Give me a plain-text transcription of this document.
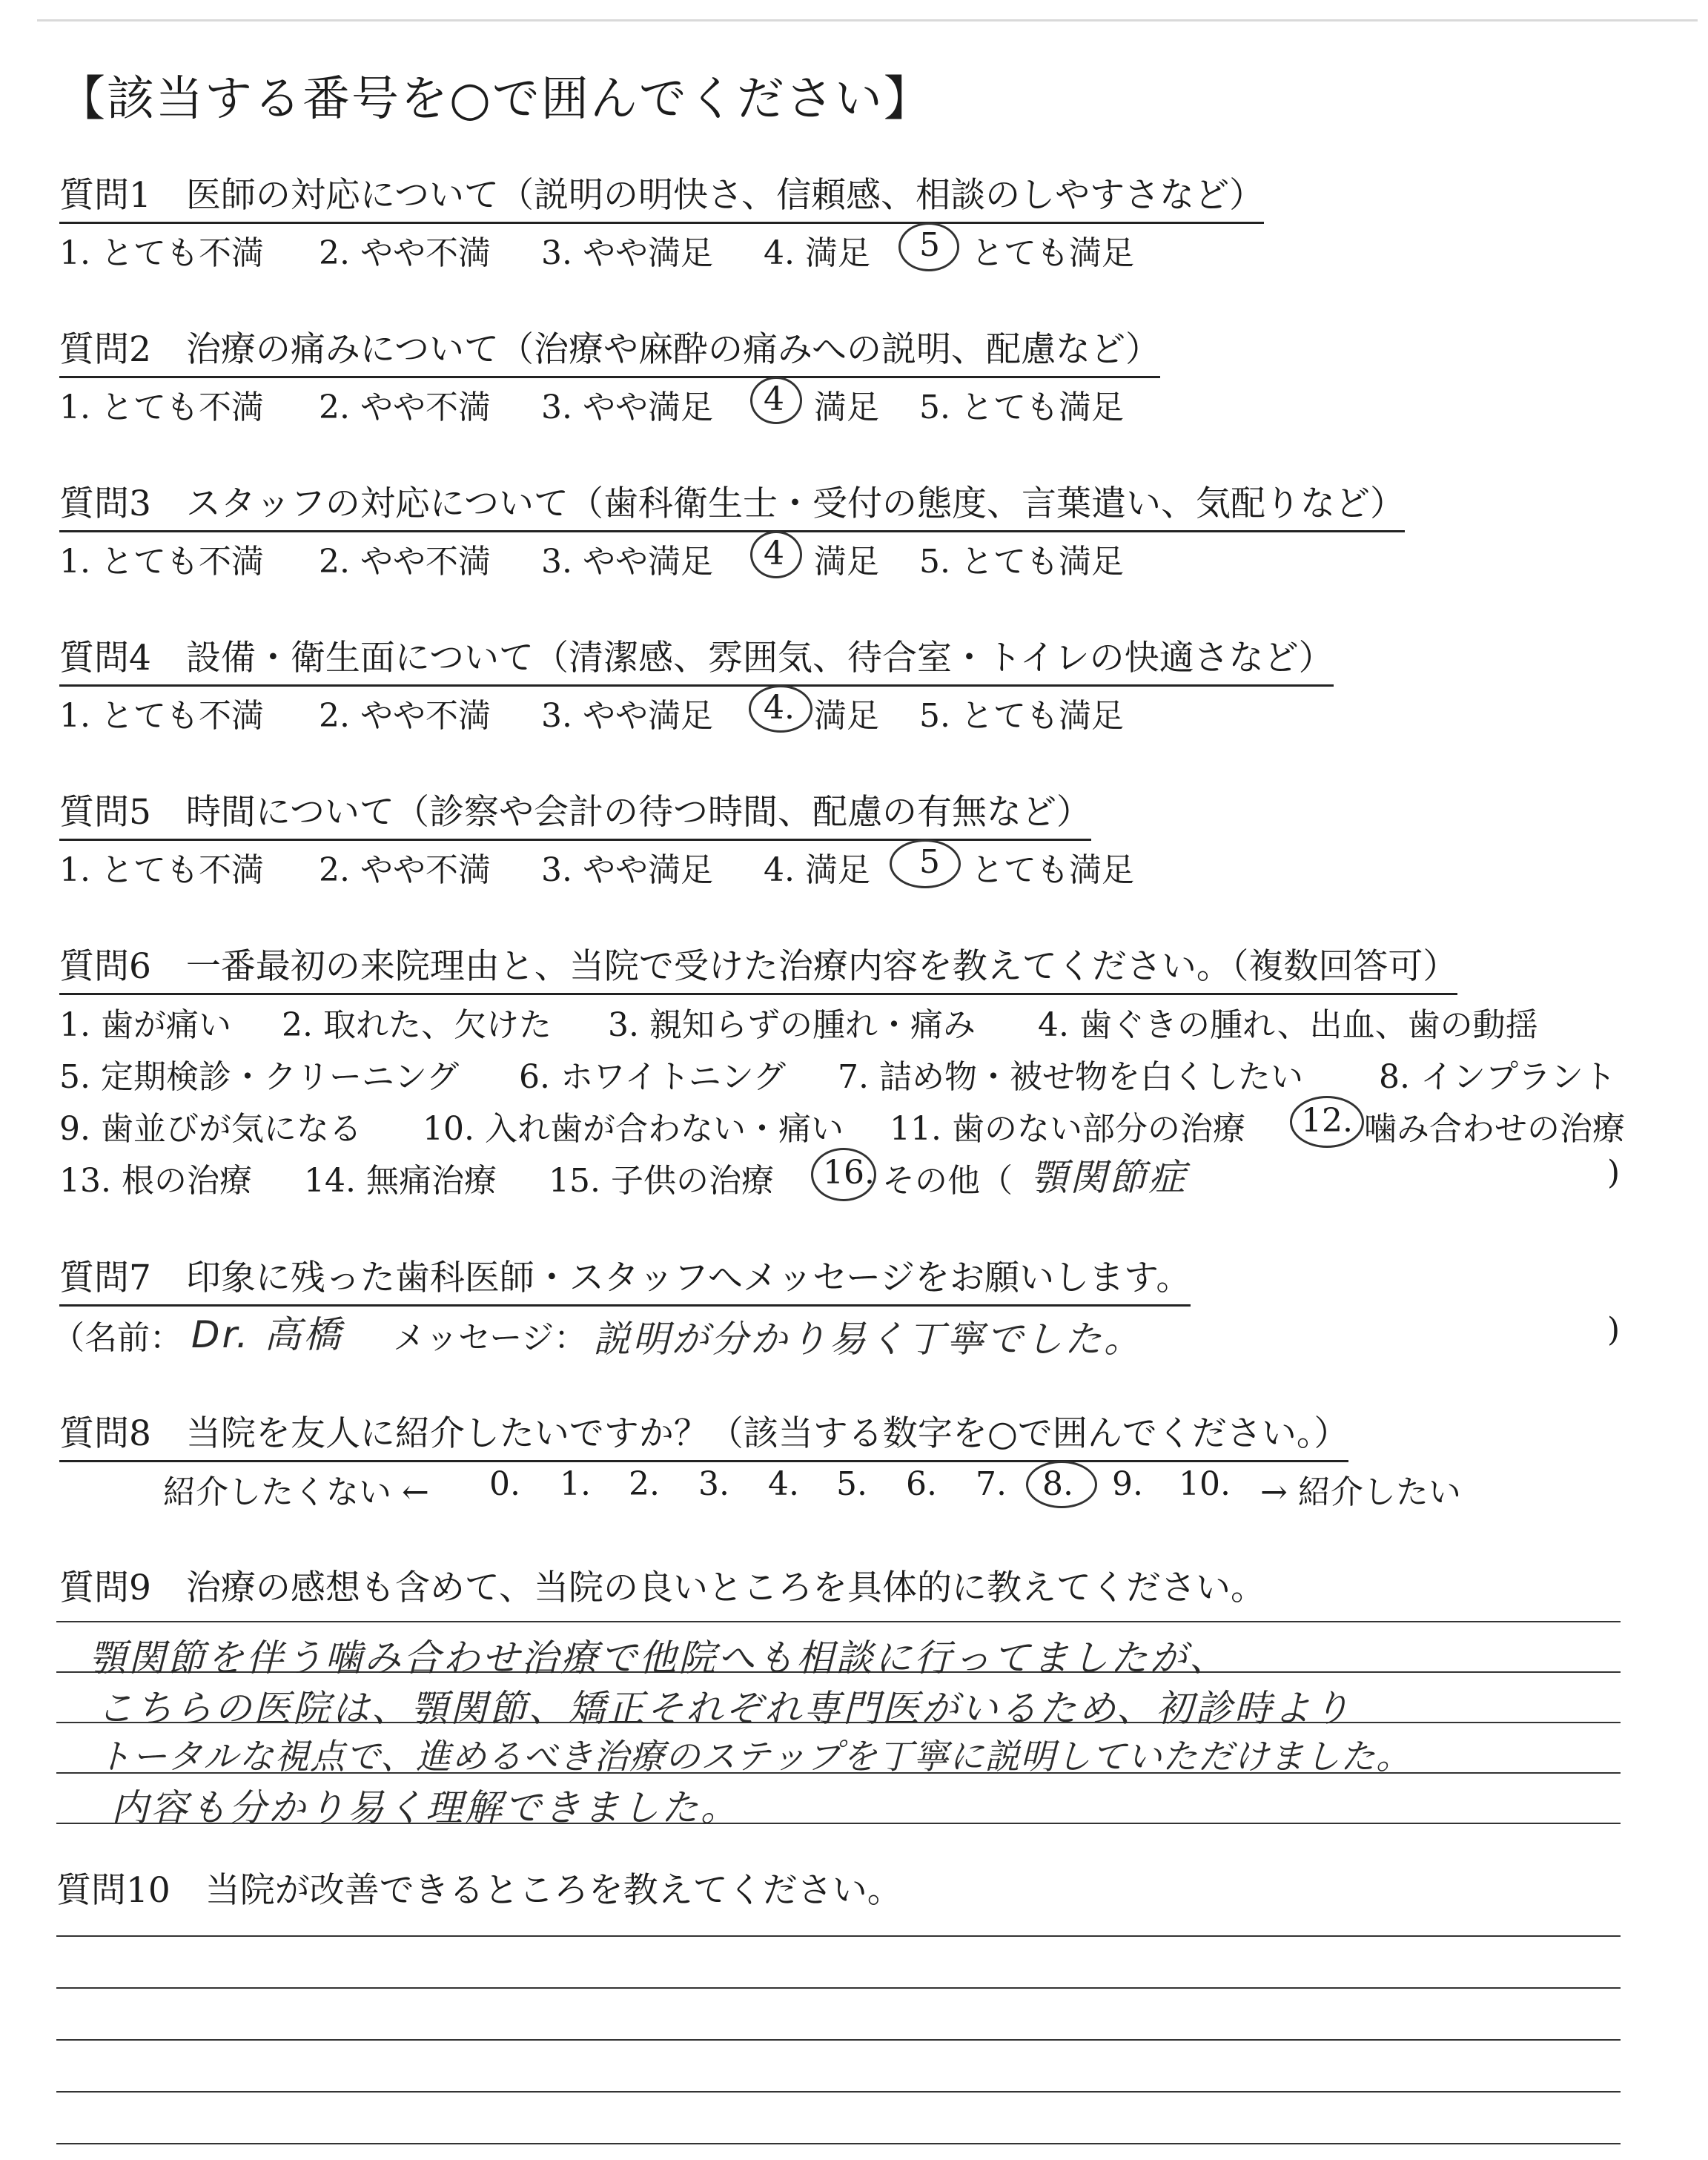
【該当する番号を○で囲んでください】
質問1　医師の対応について（説明の明快さ、信頼感、相談のしやすさなど）
1. とても不満 2. やや不満 3. やや満足 4. 満足 5 とても満足
質問2　治療の痛みについて（治療や麻酔の痛みへの説明、配慮など）
1. とても不満 2. やや不満 3. やや満足 4 満足 5. とても満足
質問3　スタッフの対応について（歯科衛生士・受付の態度、言葉遣い、気配りなど）
1. とても不満 2. やや不満 3. やや満足 4 満足 5. とても満足
質問4　設備・衛生面について（清潔感、雰囲気、待合室・トイレの快適さなど）
1. とても不満 2. やや不満 3. やや満足 4. 満足 5. とても満足
質問5　時間について（診察や会計の待つ時間、配慮の有無など）
1. とても不満 2. やや不満 3. やや満足 4. 満足 5 とても満足
質問6　一番最初の来院理由と、当院で受けた治療内容を教えてください。（複数回答可）
1. 歯が痛い 2. 取れた、欠けた 3. 親知らずの腫れ・痛み 4. 歯ぐきの腫れ、出血、歯の動揺
5. 定期検診・クリーニング 6. ホワイトニング 7. 詰め物・被せ物を白くしたい 8. インプラント
9. 歯並びが気になる 10. 入れ歯が合わない・痛い 11. 歯のない部分の治療 12. 噛み合わせの治療
13. 根の治療 14. 無痛治療 15. 子供の治療 16. その他（ 顎関節症	)
質問7　印象に残った歯科医師・スタッフへメッセージをお願いします。
（名前： Dr. 高橋 メッセージ： 説明が分かり易く丁寧でした。	)
質問8　当院を友人に紹介したいですか？（該当する数字を○で囲んでください。）
紹介したくない ← 0. 1. 2. 3. 4. 5. 6. 7. 8. 9. 10. → 紹介したい
質問9　治療の感想も含めて、当院の良いところを具体的に教えてください。
顎関節を伴う噛み合わせ治療で他院へも相談に行ってましたが、
こちらの医院は、顎関節、矯正それぞれ専門医がいるため、初診時より
トータルな視点で、進めるべき治療のステップを丁寧に説明していただけました。
内容も分かり易く理解できました。
質問10　当院が改善できるところを教えてください。
